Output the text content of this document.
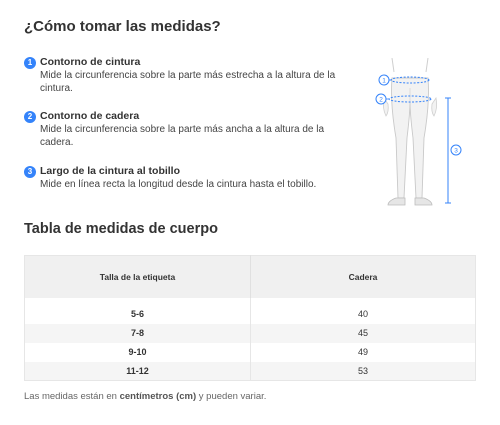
¿Cómo tomar las medidas?
1 Contorno de cintura
Mide la circunferencia sobre la parte más estrecha a la altura de la cintura.
2 Contorno de cadera
Mide la circunferencia sobre la parte más ancha a la altura de la cadera.
3 Largo de la cintura al tobillo
Mide en línea recta la longitud desde la cintura hasta el tobillo.
1
2
3
Tabla de medidas de cuerpo
Talla de la etiqueta	Cadera

5-6	40
7-8	45
9-10	49
11-12	53
Las medidas están en centímetros (cm) y pueden variar.
